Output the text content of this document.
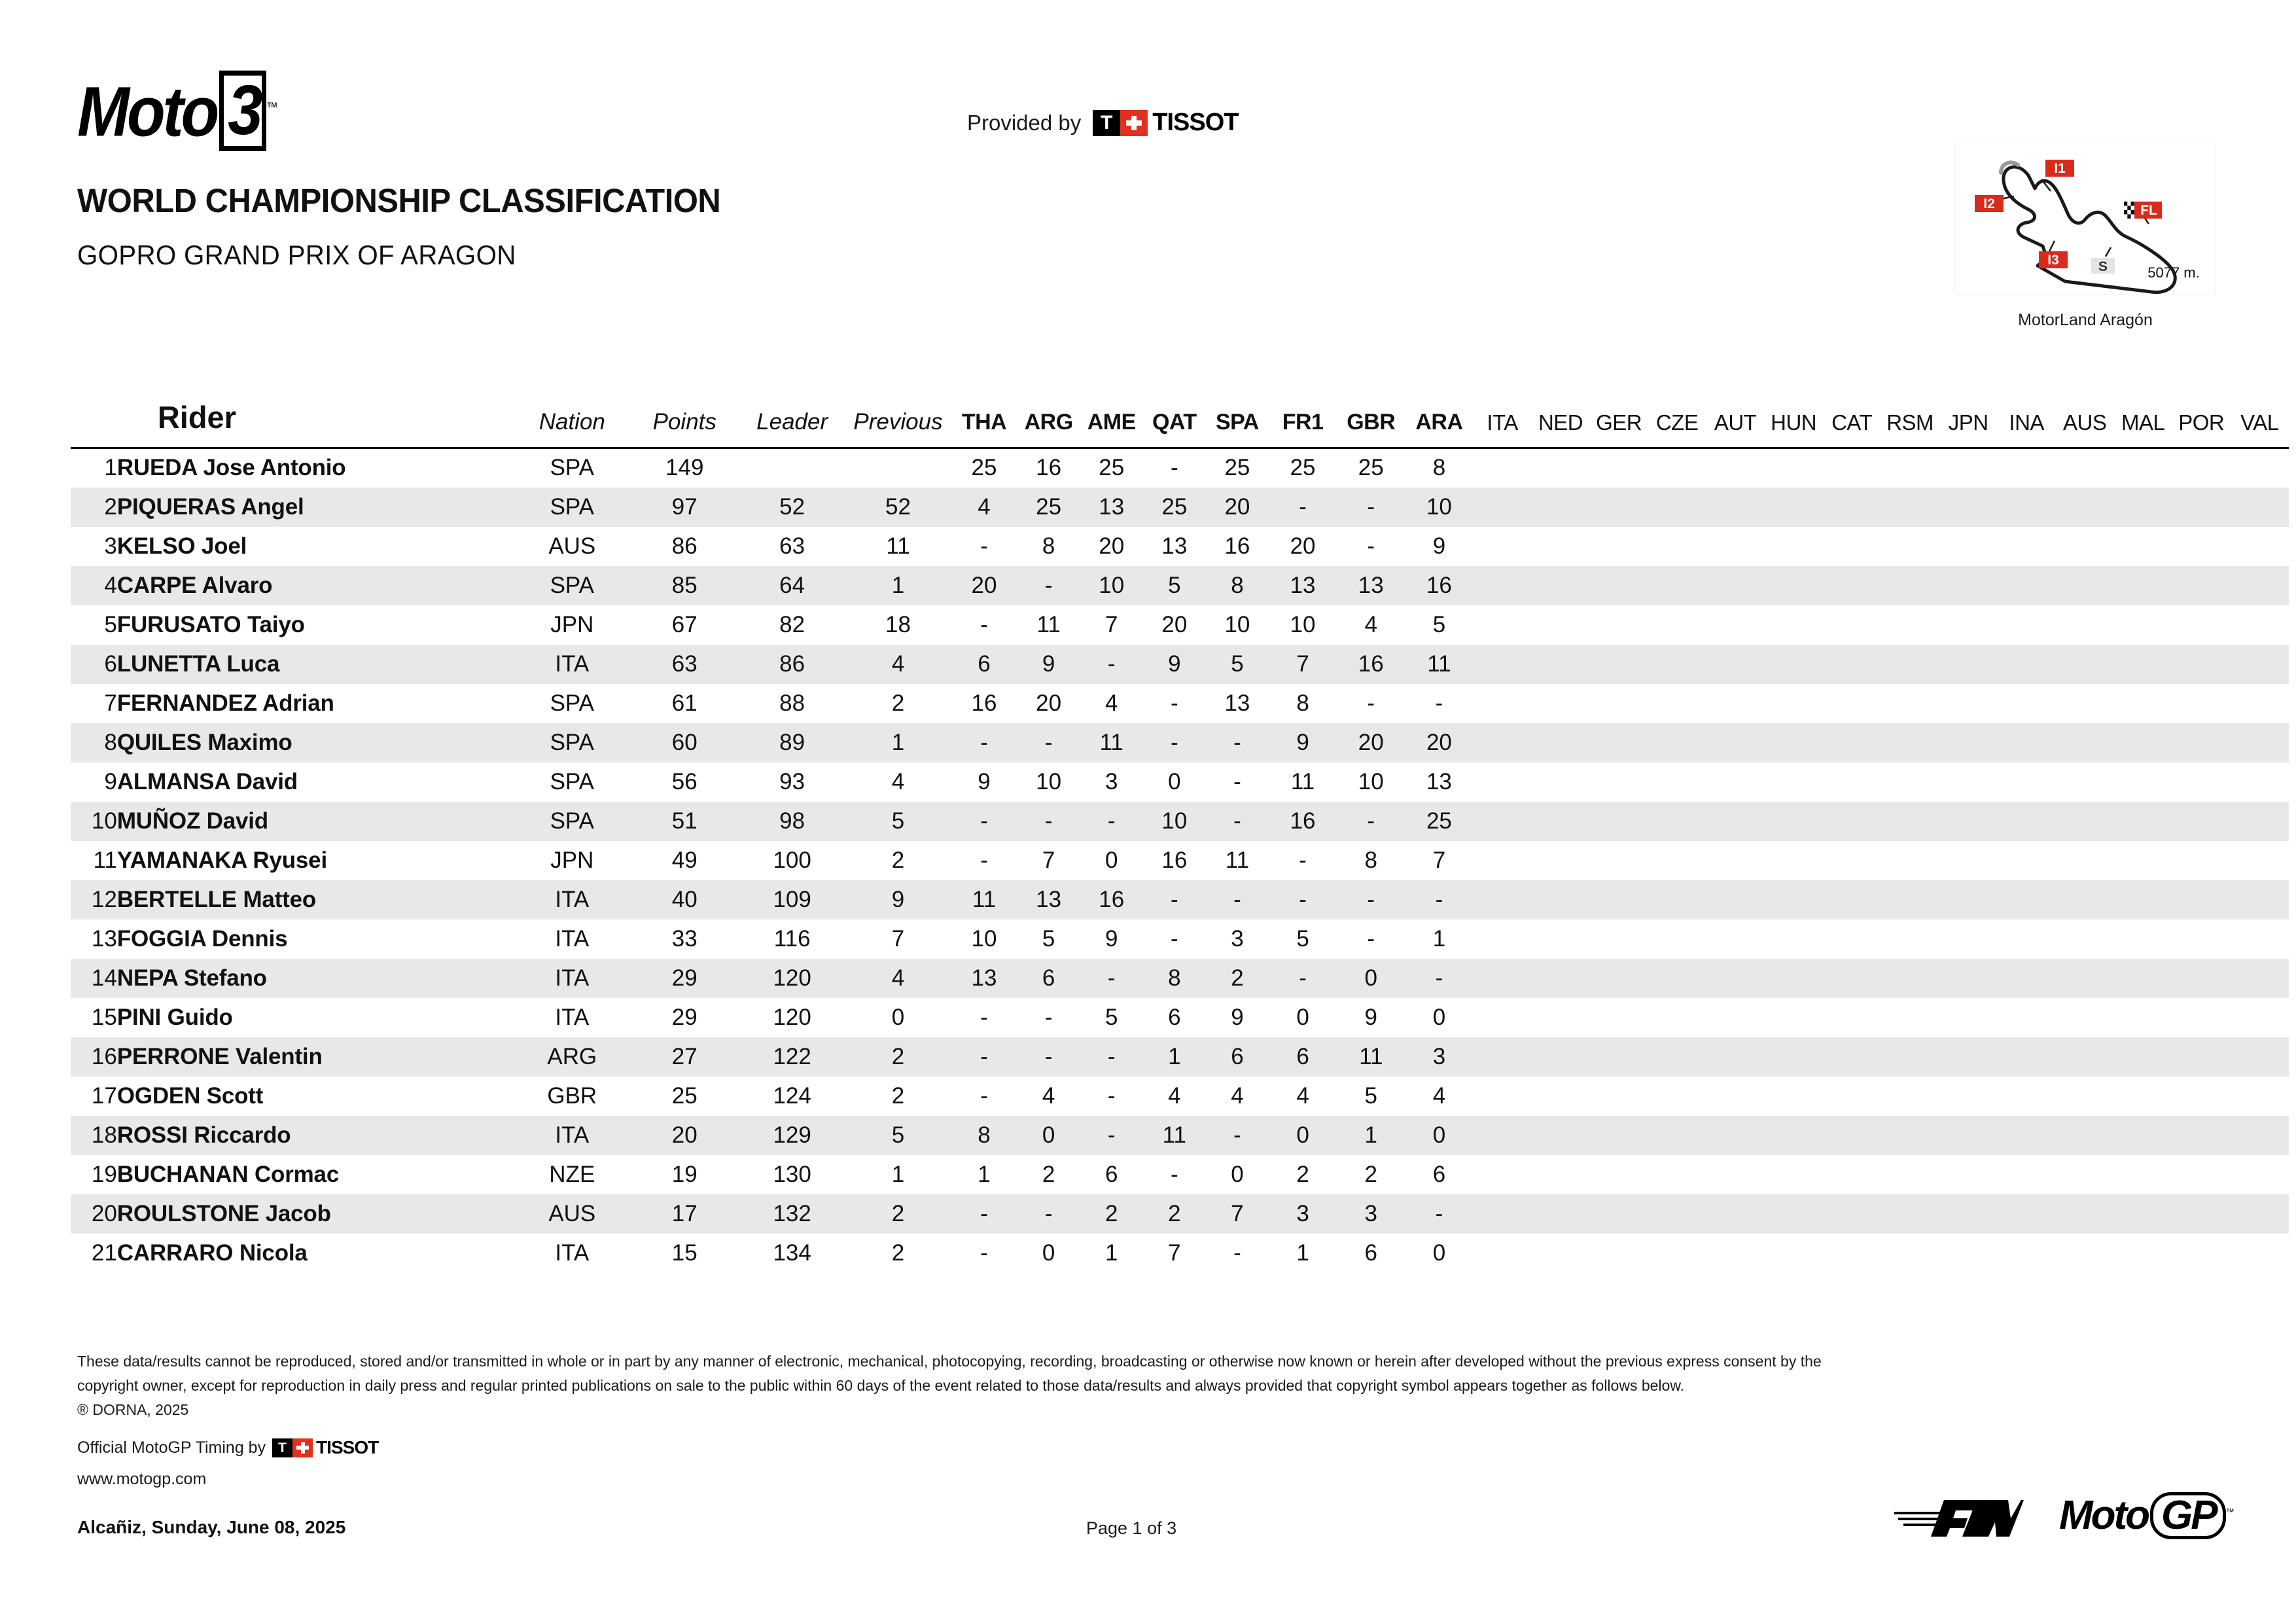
Moto 3 ™
WORLD CHAMPIONSHIP CLASSIFICATION
GOPRO GRAND PRIX OF ARAGON
Provided by T	TISSOT
I1
I2
I3
FL
S	5077 m.
MotorLand Aragón
	Rider	Nation	Points	Leader	Previous	THA	ARG	AME	QAT	SPA	FR1	GBR	ARA	ITA	NED	GER	CZE	AUT	HUN	CAT	RSM	JPN	INA	AUS	MAL	POR	VAL
1	RUEDA Jose Antonio	SPA	149			25	16	25	-	25	25	25	8														
2	PIQUERAS Angel	SPA	97	52	52	4	25	13	25	20	-	-	10														
3	KELSO Joel	AUS	86	63	11	-	8	20	13	16	20	-	9														
4	CARPE Alvaro	SPA	85	64	1	20	-	10	5	8	13	13	16														
5	FURUSATO Taiyo	JPN	67	82	18	-	11	7	20	10	10	4	5														
6	LUNETTA Luca	ITA	63	86	4	6	9	-	9	5	7	16	11														
7	FERNANDEZ Adrian	SPA	61	88	2	16	20	4	-	13	8	-	-														
8	QUILES Maximo	SPA	60	89	1	-	-	11	-	-	9	20	20														
9	ALMANSA David	SPA	56	93	4	9	10	3	0	-	11	10	13														
10	MUÑOZ David	SPA	51	98	5	-	-	-	10	-	16	-	25														
11	YAMANAKA Ryusei	JPN	49	100	2	-	7	0	16	11	-	8	7														
12	BERTELLE Matteo	ITA	40	109	9	11	13	16	-	-	-	-	-														
13	FOGGIA Dennis	ITA	33	116	7	10	5	9	-	3	5	-	1														
14	NEPA Stefano	ITA	29	120	4	13	6	-	8	2	-	0	-														
15	PINI Guido	ITA	29	120	0	-	-	5	6	9	0	9	0														
16	PERRONE Valentin	ARG	27	122	2	-	-	-	1	6	6	11	3														
17	OGDEN Scott	GBR	25	124	2	-	4	-	4	4	4	5	4														
18	ROSSI Riccardo	ITA	20	129	5	8	0	-	11	-	0	1	0														
19	BUCHANAN Cormac	NZE	19	130	1	1	2	6	-	0	2	2	6														
20	ROULSTONE Jacob	AUS	17	132	2	-	-	2	2	7	3	3	-														
21	CARRARO Nicola	ITA	15	134	2	-	0	1	7	-	1	6	0														
These data/results cannot be reproduced, stored and/or transmitted in whole or in part by any manner of electronic, mechanical, photocopying, recording, broadcasting or otherwise now known or herein after developed without the previous express consent by the
copyright owner, except for reproduction in daily press and regular printed publications on sale to the public within 60 days of the event related to those data/results and always provided that copyright symbol appears together as follows below.
® DORNA, 2025
Official MotoGP Timing by T	TISSOT
www.motogp.com
Alcañiz, Sunday, June 08, 2025	Page 1 of 3	Moto GP ™
